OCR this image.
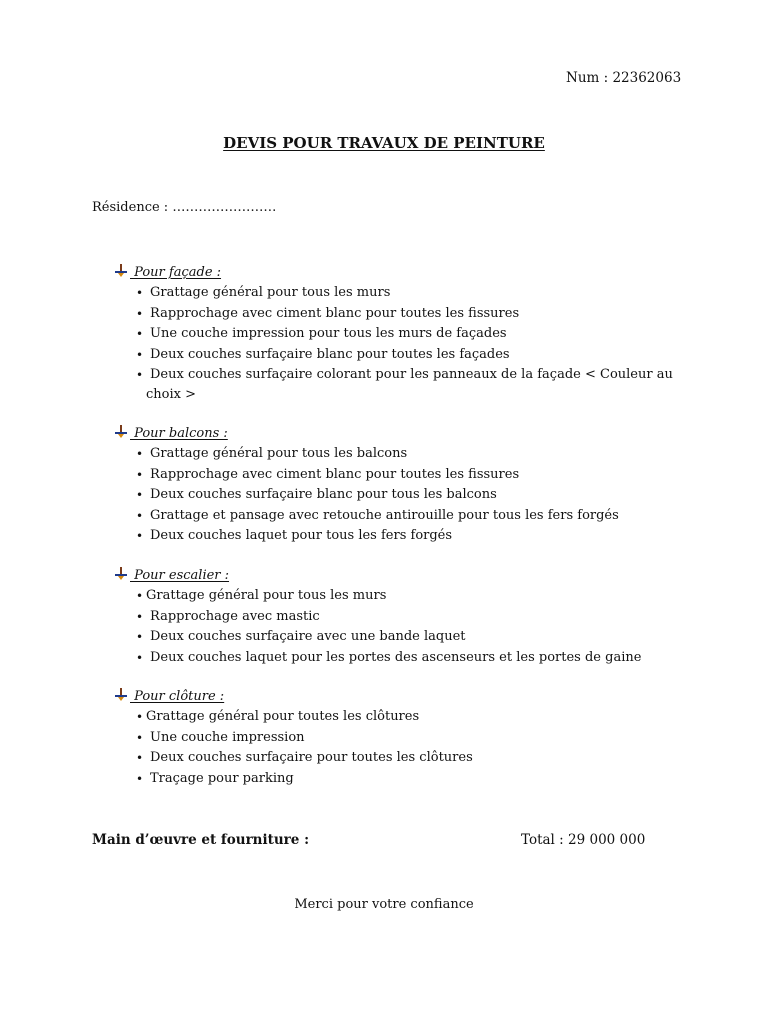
Num : 22362063
DEVIS POUR TRAVAUX DE PEINTURE
Résidence : ……………………
Pour façade :
• Grattage général pour tous les murs
• Rapprochage avec ciment blanc pour toutes les fissures
• Une couche impression pour tous les murs de façades
• Deux couches surfaçaire blanc pour toutes les façades
• Deux couches surfaçaire colorant pour les panneaux de la façade < Couleur au
choix >
Pour balcons :
• Grattage général pour tous les balcons
• Rapprochage avec ciment blanc pour toutes les fissures
• Deux couches surfaçaire blanc pour tous les balcons
• Grattage et pansage avec retouche antirouille pour tous les fers forgés
• Deux couches laquet pour tous les fers forgés
Pour escalier :
• Grattage général pour tous les murs
• Rapprochage avec mastic
• Deux couches surfaçaire avec une bande laquet
• Deux couches laquet pour les portes des ascenseurs et les portes de gaine
Pour clôture :
• Grattage général pour toutes les clôtures
• Une couche impression
• Deux couches surfaçaire pour toutes les clôtures
• Traçage pour parking
Main d’œuvre et fourniture :	Total : 29 000 000
Merci pour votre confiance
